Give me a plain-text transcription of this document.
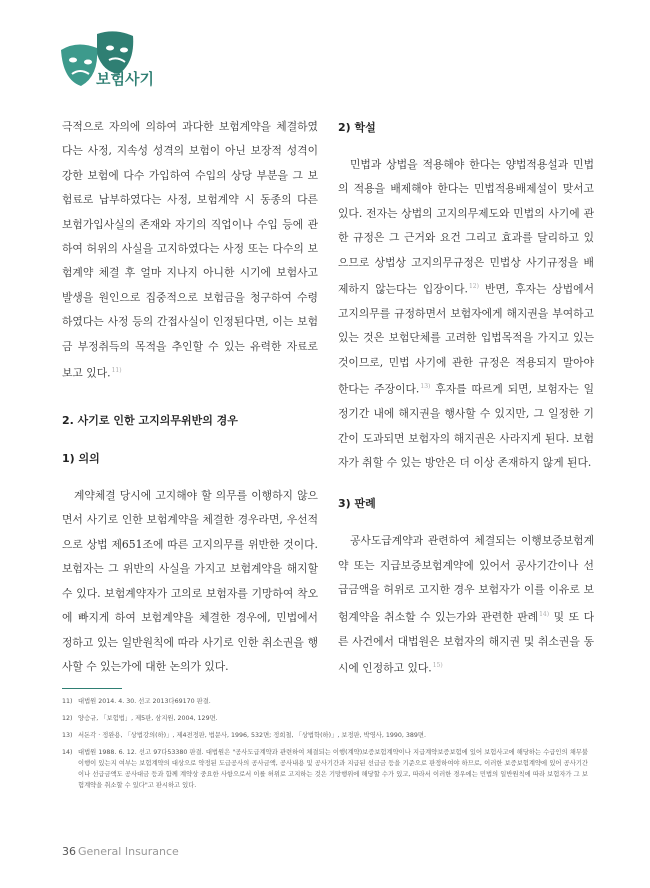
보험사기

극적으로 자의에 의하여 과다한 보험계약을 체결하였다는 사정, 지속성 성격의 보험이 아닌 보장적 성격이 강한 보험에 다수 가입하여 수입의 상당 부분을 그 보험료로 납부하였다는 사정, 보험계약 시 동종의 다른 보험가입사실의 존재와 자기의 직업이나 수입 등에 관하여 허위의 사실을 고지하였다는 사정 또는 다수의 보험계약 체결 후 얼마 지나지 아니한 시기에 보험사고 발생을 원인으로 집중적으로 보험금을 청구하여 수령하였다는 사정 등의 간접사실이 인정된다면, 이는 보험금 부정취득의 목적을 추인할 수 있는 유력한 자료로 보고 있다.$^{11)}$

2. 사기로 인한 고지의무위반의 경우

1) 의의

계약체결 당시에 고지해야 할 의무를 이행하지 않으면서 사기로 인한 보험계약을 체결한 경우라면, 우선적으로 상법 제651조에 따른 고지의무를 위반한 것이다. 보험자는 그 위반의 사실을 가지고 보험계약을 해지할 수 있다. 보험계약자가 고의로 보험자를 기망하여 착오에 빠지게 하여 보험계약을 체결한 경우에, 민법에서 정하고 있는 일반원칙에 따라 사기로 인한 취소권을 행사할 수 있는가에 대한 논의가 있다.

2) 학설

민법과 상법을 적용해야 한다는 양법적용설과 민법의 적용을 배제해야 한다는 민법적용배제설이 맞서고 있다. 전자는 상법의 고지의무제도와 민법의 사기에 관한 규정은 그 근거와 요건 그리고 효과를 달리하고 있으므로 상법상 고지의무규정은 민법상 사기규정을 배제하지 않는다는 입장이다.$^{12)}$ 반면, 후자는 상법에서 고지의무를 규정하면서 보험자에게 해지권을 부여하고 있는 것은 보험단체를 고려한 입법목적을 가지고 있는 것이므로, 민법 사기에 관한 규정은 적용되지 말아야 한다는 주장이다.$^{13)}$ 후자를 따르게 되면, 보험자는 일정기간 내에 해지권을 행사할 수 있지만, 그 일정한 기간이 도과되면 보험자의 해지권은 사라지게 된다. 보험자가 취할 수 있는 방안은 더 이상 존재하지 않게 된다.

3) 판례

공사도급계약과 관련하여 체결되는 이행보증보험계약 또는 지급보증보험계약에 있어서 공사기간이나 선급금액을 허위로 고지한 경우 보험자가 이를 이유로 보험계약을 취소할 수 있는가와 관련한 판례$^{14)}$ 및 또 다른 사건에서 대법원은 보험자의 해지권 및 취소권을 동시에 인정하고 있다.$^{15)}$

11) 대법원 2014. 4. 30. 선고 2013다69170 판결.
12) 양승규, 「보험법」, 제5판, 삼지원, 2004, 129면.
13) 서돈각 · 정완용, 「상법강의(하)」, 제4전정판, 법문사, 1996, 532면; 정희철, 「상법학(하)」, 보정판, 박영사, 1990, 389면.
14) 대법원 1988. 6. 12. 선고 97다53380 판결. 대법원은 "공사도급계약과 관련하여 체결되는 이행(계약)보증보험계약이나 지급계약보증보험에 있어 보험사고에 해당하는 수급인의 채무불이행이 있는지 여부는 보험계약의 대상으로 약정된 도급공사의 공사금액, 공사내용 및 공사기간과 지급된 선급금 등을 기준으로 판정하여야 하므로, 이러한 보증보험계약에 있어 공사기간이나 선급금액도 공사대금 등과 함께 계약상 중요한 사항으로서 이를 허위로 고지하는 것은 기망행위에 해당할 수가 있고, 따라서 이러한 경우에는 민법의 일반원칙에 따라 보험자가 그 보험계약을 취소할 수 있다"고 판시하고 있다.
36 General Insurance
